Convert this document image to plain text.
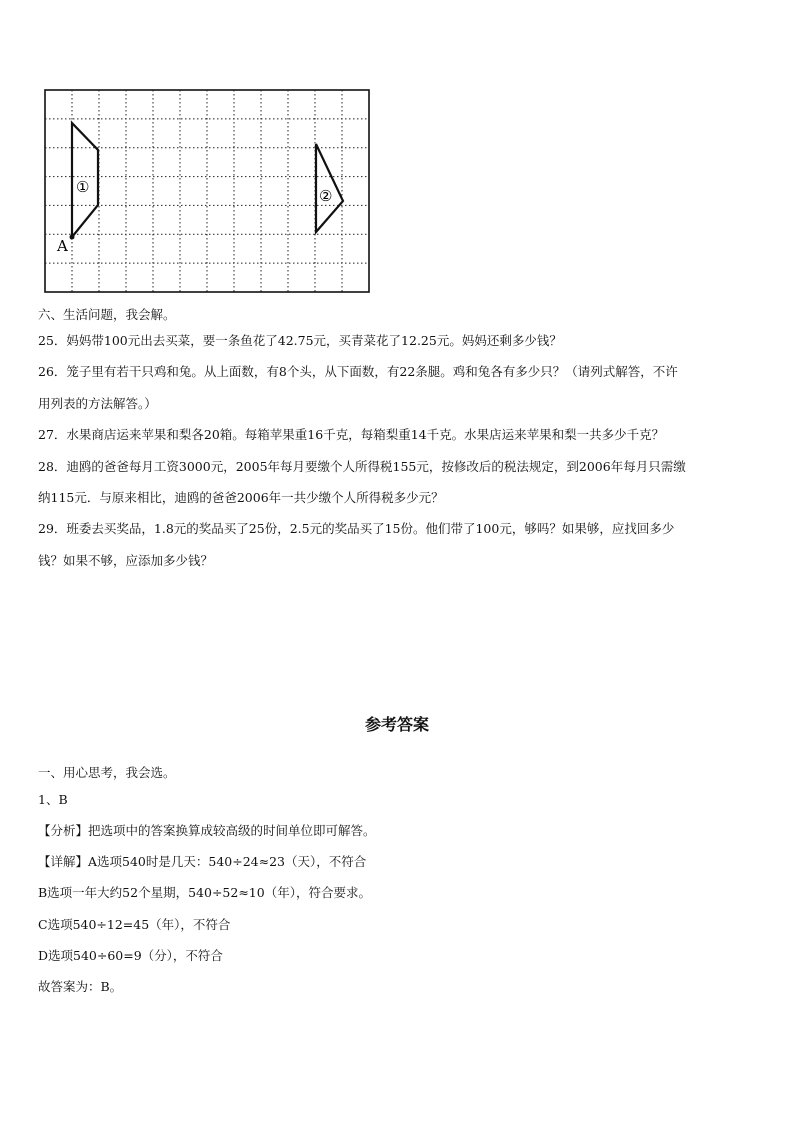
A
①	②
六、生活问题，我会解。
25．妈妈带100元出去买菜，要一条鱼花了42.75元，买青菜花了12.25元。妈妈还剩多少钱？
26．笼子里有若干只鸡和兔。从上面数，有8个头，从下面数，有22条腿。鸡和兔各有多少只？（请列式解答，不许
用列表的方法解答。）
27．水果商店运来苹果和梨各20箱。每箱苹果重16千克，每箱梨重14千克。水果店运来苹果和梨一共多少千克？
28．迪鸥的爸爸每月工资3000元，2005年每月要缴个人所得税155元，按修改后的税法规定，到2006年每月只需缴
纳115元．与原来相比，迪鸥的爸爸2006年一共少缴个人所得税多少元？
29．班委去买奖品，1.8元的奖品买了25份，2.5元的奖品买了15份。他们带了100元，够吗？如果够，应找回多少
钱？如果不够，应添加多少钱？
参考答案
一、用心思考，我会选。
1、B
【分析】把选项中的答案换算成较高级的时间单位即可解答。
【详解】A选项540时是几天：540÷24≈23（天），不符合
B选项一年大约52个星期，540÷52≈10（年），符合要求。
C选项540÷12=45（年），不符合
D选项540÷60=9（分），不符合
故答案为：B。
